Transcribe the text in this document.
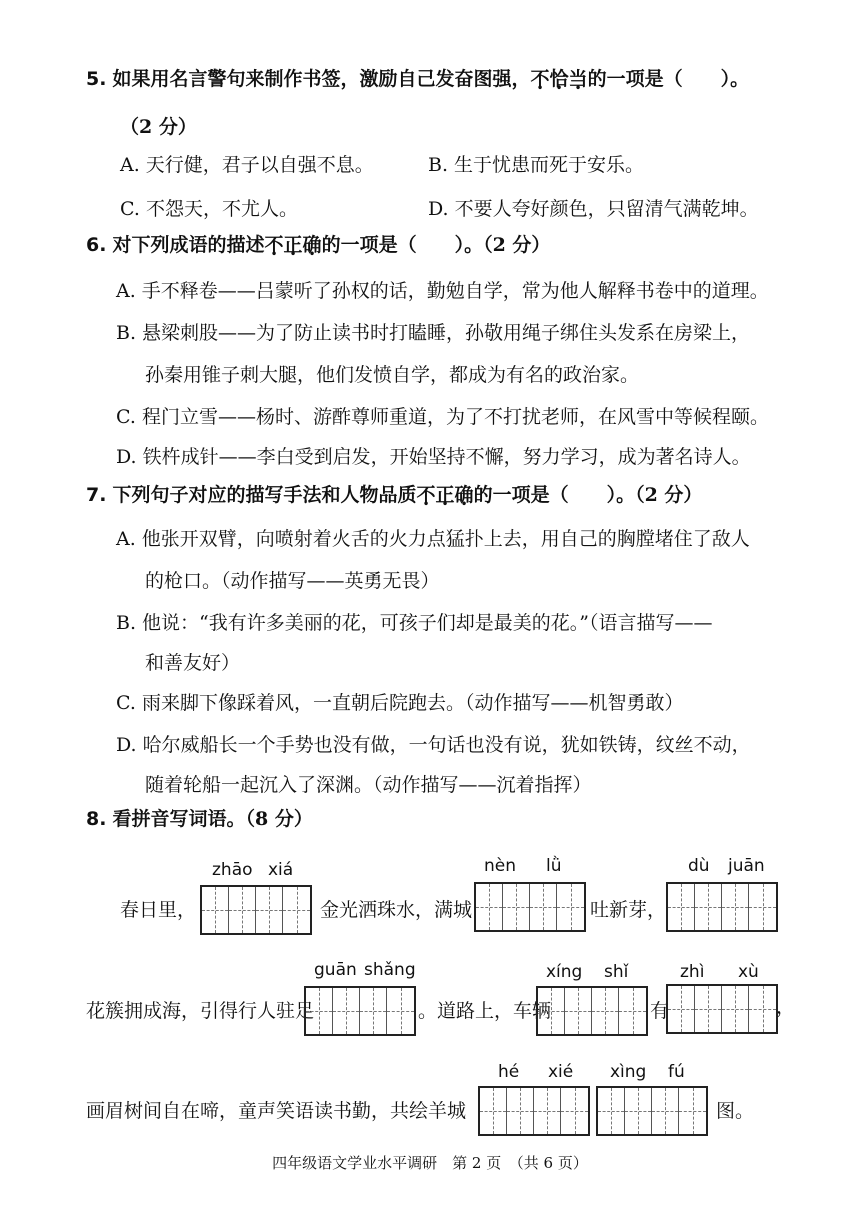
5. 如果用名言警句来制作书签，激励自己发奋图强，不恰当的一项是（　　）。
（2 分）
A. 天行健，君子以自强不息。	B. 生于忧患而死于安乐。
C. 不怨天，不尤人。	D. 不要人夸好颜色，只留清气满乾坤。
6. 对下列成语的描述不正确的一项是（　　）。（2 分）
A. 手不释卷——吕蒙听了孙权的话，勤勉自学，常为他人解释书卷中的道理。
B. 悬梁刺股——为了防止读书时打瞌睡，孙敬用绳子绑住头发系在房梁上，
孙秦用锥子刺大腿，他们发愤自学，都成为有名的政治家。
C. 程门立雪——杨时、游酢尊师重道，为了不打扰老师，在风雪中等候程颐。
D. 铁杵成针——李白受到启发，开始坚持不懈，努力学习，成为著名诗人。
7. 下列句子对应的描写手法和人物品质不正确的一项是（　　）。（2 分）
A. 他张开双臂，向喷射着火舌的火力点猛扑上去，用自己的胸膛堵住了敌人
的枪口。（动作描写——英勇无畏）
B. 他说：“我有许多美丽的花，可孩子们却是最美的花。”（语言描写——
和善友好）
C. 雨来脚下像踩着风，一直朝后院跑去。（动作描写——机智勇敢）
D. 哈尔威船长一个手势也没有做，一句话也没有说，犹如铁铸，纹丝不动，
随着轮船一起沉入了深渊。（动作描写——沉着指挥）
8. 看拼音写词语。（8 分）
zhāo xiá	nèn lǜ	dù juān
春日里，	金光洒珠水，满城	吐新芽，
guān shǎng	xíng shǐ	zhì xù
花簇拥成海，引得行人驻足	。道路上，车辆	有	，
hé xié xìng fú
画眉树间自在啼，童声笑语读书勤，共绘羊城	图。
四年级语文学业水平调研　第 2 页　（共 6 页）
